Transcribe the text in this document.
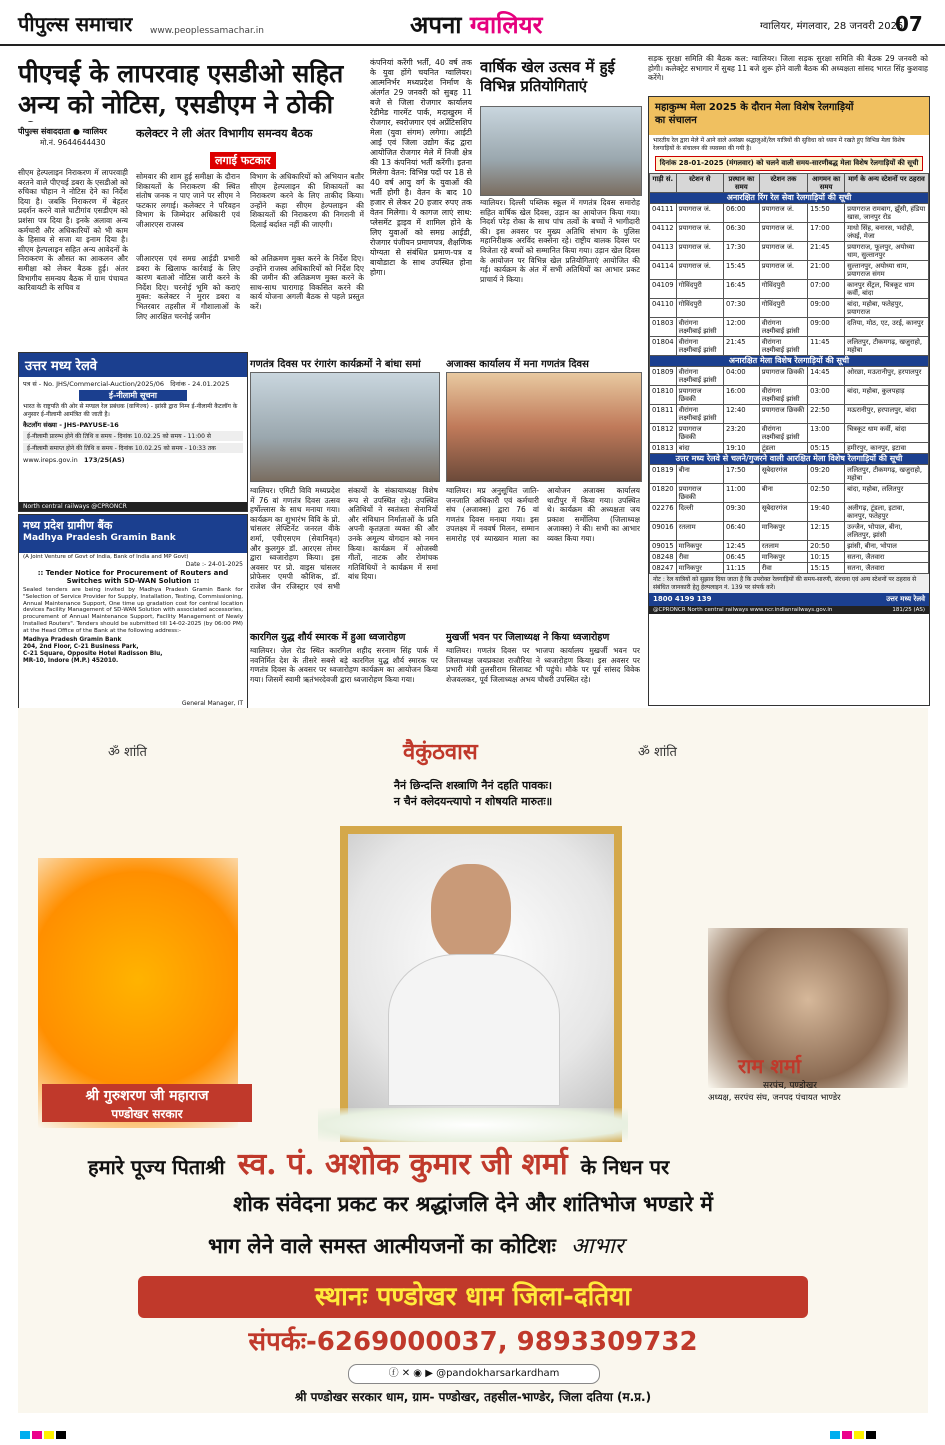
पीपुल्स समाचार www.peoplessamachar.in	अपना ग्वालियर	ग्वालियर, मंगलवार, 28 जनवरी 2025
07
पीएचई के लापरवाह एसडीओ सहित अन्य को नोटिस, एसडीएम ने ठोकी
पीपुल्स संवाददाता ● ग्वालियर
मो.नं. 9644644430
कलेक्टर ने ली अंतर विभागीय समन्वय बैठक
लगाई फटकार
सीएम हेल्पलाइन निराकरण में लापरवाही बरतने वाले पीएचई डबरा के एसडीओ को रुचिका चौहान ने नोटिस देने का निर्देश दिया है। जबकि निराकरण में बेहतर प्रदर्शन करने वाले घाटीगांव एसडीएम को प्रशंसा पत्र दिया है। इनके अलावा अन्य कर्मचारी और अधिकारियों को भी काम के हिसाब से सजा या इनाम दिया है। सीएम हेल्पलाइन सहित अन्य आवेदनों के निराकरण के औसत का आकलन और समीक्षा को लेकर बैठक हुई। अंतर विभागीय समन्वय बैठक में ग्राम पंचायत कारिवायटी के सचिव व
सोमवार की शाम हुई समीक्षा के दौरान शिकायतों के निराकरण की स्थित संतोष जनक न पाए जाने पर सीएम ने फटकार लगाई। कलेक्टर ने परिवहन विभाग के जिम्मेदार अधिकारी एवं जीआरएस राजस्व
विभाग के अधिकारियों को अभियान बतौर सीएम हेल्पलाइन की शिकायतों का निराकरण करने के लिए ताकीद किया। उन्होंने कहा सीएम हेल्पलाइन की शिकायतों की निराकरण की निगरानी में दिलाई बर्दाश्त नहीं की जाएगी।
जीआरएस एवं समग्र आईडी प्रभारी डबरा के खिलाफ कार्रवाई के लिए कारण बताओ नोटिस जारी करने के निर्देश दिए। चरनोई भूमि को कराएं मुक्त: कलेक्टर ने मुरार डबरा व भितरवार तहसील में गौशालाओं के लिए आरक्षित चरनोई जमीन
को अतिक्रमण मुक्त करने के निर्देश दिए। उन्होंने राजस्व अधिकारियों को निर्देश दिए की जमीन की अतिक्रमण मुक्त करने के साथ-साथ चारागाह विकसित करने की कार्य योजना अगली बैठक से पहले प्रस्तुत करें।
कंपनियां करेंगी भर्ती, 40 वर्ष तक के युवा होंगे चयनित ग्वालियर। आत्मनिर्भर मध्यप्रदेश निर्माण के अंतर्गत 29 जनवरी को सुबह 11 बजे से जिला रोजगार कार्यालय रेडीमेड गारमेंट पार्क, मदाखुरम में रोजगार, स्वरोजगार एवं अप्रेंटिसशिप मेला (युवा संगम) लगेगा। आईटी आई एवं जिला उद्योग केंद्र द्वारा आयोजित रोजगार मेले में निजी क्षेत्र की 13 कंपनियां भर्ती करेंगी। इतना मिलेगा वेतन: विभिन्न पदों पर 18 से 40 वर्ष आयु वर्ग के युवाओं की भर्ती होगी है। वेतन के बाद 10 हजार से लेकर 20 हजार रुपए तक वेतन मिलेगा। ये कागज लाएं साथ: प्लेसमेंट ड्राइव में शामिल होने के लिए युवाओं को समग्र आईडी, रोजगार पंजीयन प्रमाणपत्र, शैक्षणिक योग्यता से संबंधित प्रमाण-पत्र व बायोडाटा के साथ उपस्थित होना होगा।
वार्षिक खेल उत्सव में हुई विभिन्न प्रतियोगिताएं
ग्वालियर। दिल्ली पब्लिक स्कूल में गणतंत्र दिवस समारोह सहित वार्षिक खेल दिवस, उड़ान का आयोजन किया गया। निदर्श परेड़ रोका के साथ पांच तत्वों के बच्चों ने भागीदारी की। इस अवसर पर मुख्य अतिथि संभाग के पुलिस महानिरीक्षक अरविंद सक्सेना रहे। राष्ट्रीय बालक दिवस पर विजेता रहे बच्चों को सम्मानित किया गया। उड़ान खेल दिवस के आयोजन पर विभिन्न खेल प्रतियोगिताएं आयोजित की गई। कार्यक्रम के अंत में सभी अतिथियों का आभार प्रकट प्राचार्य ने किया।
उत्तर मध्य रेलवे
पत्र सं - No. JHS/Commercial-Auction/2025/06 दिनांक - 24.01.2025
ई-नीलामी सूचना
भारत के राष्ट्रपति की ओर से मण्डल रेल प्रबंधक (वाणिज्य) - झांसी द्वारा निम्न ई-नीलामी कैटलॉग के अनुसार ई-नीलामी आमंत्रित की जाती है।
कैटलॉग संख्या - JHS-PAYUSE-16
ई-नीलामी प्रारम्भ होने की तिथि व समय - दिनांक 10.02.25 को समय - 11:00 से
ई-नीलामी समाप्त होने की तिथि व समय - दिनांक 10.02.25 को समय - 10:33 तक
www.ireps.gov.in 173/25(AS)
North central railways @CPRONCR
मध्य प्रदेश ग्रामीण बैंक
Madhya Pradesh Gramin Bank
(A Joint Venture of Govt of India, Bank of India and MP Govt)
Date :- 24-01-2025
:: Tender Notice for Procurement of Routers and Switches with SD-WAN Solution ::
Sealed tenders are being invited by Madhya Pradesh Gramin Bank for "Selection of Service Provider for Supply, Installation, Testing, Commissioning, Annual Maintenance Support, One time up gradation cost for central location devices Facility Management of SD-WAN Solution with associated accessories, procurement of Annual Maintenance Support, Facility Management of Newly Installed Routers". Tenders should be submitted till 14-02-2025 (by 06:00 PM) at the Head Office of the Bank at the following address:-
Madhya Pradesh Gramin Bank
204, 2nd Floor, C-21 Business Park,
C-21 Square, Opposite Hotel Radisson Blu,
MR-10, Indore (M.P.) 452010.
General Manager, IT
गणतंत्र दिवस पर रंगारंग कार्यक्रमों ने बांधा समां
ग्वालियर। एमिटी विवि मध्यप्रदेश में 76 वां गणतंत्र दिवस उत्सव हर्षोल्लास के साथ मनाया गया। कार्यक्रम का शुभारंभ विवि के प्रो. चांसलर लेफ्टिनेंट जनरल वीके शर्मा, एवीएसएम (सेवानिवृत) और कुलगुरु डॉ. आरएस तोमर द्वारा ध्वजारोहण किया। इस अवसर पर प्रो. वाइस चांसलर प्रोफेसर एमपी कौशिक, डॉ. राजेश जैन रजिस्ट्रार एवं सभी संकायों के संकायाध्यक्ष विशेष रूप से उपस्थित रहे। उपस्थित अतिथियों ने स्वतंत्रता सेनानियों और संविधान निर्माताओं के प्रति अपनी कृतज्ञता व्यक्त की और उनके अमूल्य योगदान को नमन किया। कार्यक्रम में ओजस्वी गीतों, नाटक और रोमांचक गतिविधियों ने कार्यक्रम में समां बांध दिया।
अजाक्स कार्यालय में मना गणतंत्र दिवस
ग्वालियर। मप्र अनुसूचित जाति-जनजाति अधिकारी एवं कर्मचारी संघ (अजाक्स) द्वारा 76 वां गणतंत्र दिवस मनाया गया। इस उपलक्ष्य में नववर्ष मिलन, सम्मान समारोह एवं व्याख्यान माला का आयोजन अजाक्स कार्यालय थाटीपुर में किया गया। उपस्थित थे। कार्यक्रम की अध्यक्षता जय प्रकाश सर्मोलिया (जिलाध्यक्ष अजाक्स) ने की। सभी का आभार व्यक्त किया गया।
कारगिल युद्ध शौर्य स्मारक में हुआ ध्वजारोहण
ग्वालियर। जेल रोड स्थित कारगिल शहीद सरनाम सिंह पार्क में नवनिर्मित देश के तीसरे सबसे बड़े कारगिल युद्ध शौर्य स्मारक पर गणतंत्र दिवस के अवसर पर ध्वजारोहण कार्यक्रम का आयोजन किया गया। जिसमें स्वामी ऋतंभरदेवजी द्वारा ध्वजारोहण किया गया।
मुखर्जी भवन पर जिलाध्यक्ष ने किया ध्वजारोहण
ग्वालियर। गणतंत्र दिवस पर भाजपा कार्यालय मुखर्जी भवन पर जिलाध्यक्ष जयप्रकाश राजौरिया ने ध्वजारोहण किया। इस अवसर पर प्रभारी मंत्री तुलसीराम सिलावट भी पहुंचे। मौके पर पूर्व सांसद विवेक शेजवलकर, पूर्व जिलाध्यक्ष अभय चौधरी उपस्थित रहे।
सड़क सुरक्षा समिति की बैठक कल: ग्वालियर। जिला सड़क सुरक्षा समिति की बैठक 29 जनवरी को होगी। कलेक्ट्रेट सभागार में सुबह 11 बजे शुरू होने वाली बैठक की अध्यक्षता सांसद भारत सिंह कुशवाह करेंगे।
महाकुम्भ मेला 2025 के दौरान मेला विशेष रेलगाड़ियों का संचालन
भारतीय रेल द्वारा मेले में आने वाले असंख्य श्रद्धालुओं/रेल यात्रियों की सुविधा को ध्यान में रखते हुए विभिन्न मेला विशेष रेलगाड़ियों के संचालन की व्यवस्था की गयी है।
दिनांक 28-01-2025 (मंगलवार) को चलने वाली समय-सारणीबद्ध मेला विशेष रेलगाड़ियों की सूची
गाड़ी सं.	स्टेशन से	प्रस्थान का समय	स्टेशन तक	आगमन का समय	मार्ग के अन्य स्टेशनों पर ठहराव
अनारक्षित रिंग रेल सेवा रेलगाड़ियों की सूची					
04111	प्रयागराज जं.	06:00	प्रयागराज जं.	15:50	प्रयागराज रामबाग, झूँसी, हंडिया खास, जानपुर रोड
04112	प्रयागराज जं.	06:30	प्रयागराज जं.	17:00	माधो सिंह, बनारस, भदोही, जंघई, मेजा
04113	प्रयागराज जं.	17:30	प्रयागराज जं.	21:45	प्रयागराज, फूलपुर, अयोध्या धाम, सुल्तानपुर
04114	प्रयागराज जं.	15:45	प्रयागराज जं.	21:00	सुल्तानपुर, अयोध्या धाम, प्रयागराज संगम
04109	गोविंदपुरी	16:45	गोविंदपुरी	07:00	कानपुर सेंट्रल, चित्रकूट धाम कर्वी, बांदा
04110	गोविंदपुरी	07:30	गोविंदपुरी	09:00	बांदा, महोबा, फतेहपुर, प्रयागराज
01803	वीरांगना लक्ष्मीबाई झांसी	12:00	वीरांगना लक्ष्मीबाई झांसी	09:00	दतिया, मोठ, एट, उरई, कानपुर
01804	वीरांगना लक्ष्मीबाई झांसी	21:45	वीरांगना लक्ष्मीबाई झांसी	11:45	ललितपुर, टीकमगढ़, खजुराहो, महोबा
अनारक्षित मेला विशेष रेलगाड़ियों की सूची					
01809	वीरांगना लक्ष्मीबाई झांसी	04:00	प्रयागराज छिवकी	14:45	ओरछा, मऊरानीपुर, हरपालपुर
01810	प्रयागराज छिवकी	16:00	वीरांगना लक्ष्मीबाई झांसी	03:00	बांदा, महोबा, कुलपहाड़
01811	वीरांगना लक्ष्मीबाई झांसी	12:40	प्रयागराज छिवकी	22:50	मऊरानीपुर, हरपालपुर, बांदा
01812	प्रयागराज छिवकी	23:20	वीरांगना लक्ष्मीबाई झांसी	13:00	चित्रकूट धाम कर्वी, बांदा
01813	बांदा	19:10	टूंडला	05:15	हमीरपुर, कानपुर, इटावा
उत्तर मध्य रेलवे से चलने/गुजरने वाली आरक्षित मेला विशेष रेलगाड़ियों की सूची					
01819	बीना	17:50	सूबेदारगंज	09:20	ललितपुर, टीकमगढ़, खजुराहो, महोबा
01820	प्रयागराज छिवकी	11:00	बीना	02:50	बांदा, महोबा, ललितपुर
02276	दिल्ली	09:30	सूबेदारगंज	19:40	अलीगढ़, टूंडला, इटावा, कानपुर, फतेहपुर
09016	रतलाम	06:40	मानिकपुर	12:15	उज्जैन, भोपाल, बीना, ललितपुर, झांसी
09015	मानिकपुर	12:45	रतलाम	20:50	झांसी, बीना, भोपाल
08248	रीवा	06:45	मानिकपुर	10:15	सतना, जैतवारा
08247	मानिकपुर	11:15	रीवा	15:15	सतना, जैतवारा
नोट : रेल यात्रियों को सुझाव दिया जाता है कि उपरोक्त रेलगाड़ियों की समय-सारणी, संरचना एवं अन्य स्टेशनों पर ठहराव से संबंधित जानकारी हेतु हेल्पलाइन नं. 139 पर संपर्क करें।
1800 4199 139	उत्तर मध्य रेलवे
@CPRONCR North central railways www.ncr.indianrailways.gov.in	181/25 (AS)
वैकुंठवास
ॐ शांति	ॐ शांति
नैनं छिन्दन्ति शस्त्राणि नैनं दहति पावकः।
न चैनं क्लेदयन्त्यापो न शोषयति मारुतः॥
श्री गुरुशरण जी महाराज
पण्डोखर सरकार
राम शर्मा
सरपंच, पण्डोखर
अध्यक्ष, सरपंच संघ, जनपद पंचायत भाण्डेर
हमारे पूज्य पिताश्री स्व. पं. अशोक कुमार जी शर्मा के निधन पर
शोक संवेदना प्रकट कर श्रद्धांजलि देने और शांतिभोज भण्डारे में
भाग लेने वाले समस्त आत्मीयजनों का कोटिशः आभार
स्थानः पण्डोखर धाम जिला-दतिया
संपर्कः-6269000037, 9893309732
ⓕ ✕ ◉ ▶ @pandokharsarkardham
श्री पण्डोखर सरकार धाम, ग्राम- पण्डोखर, तहसील-भाण्डेर, जिला दतिया (म.प्र.)
